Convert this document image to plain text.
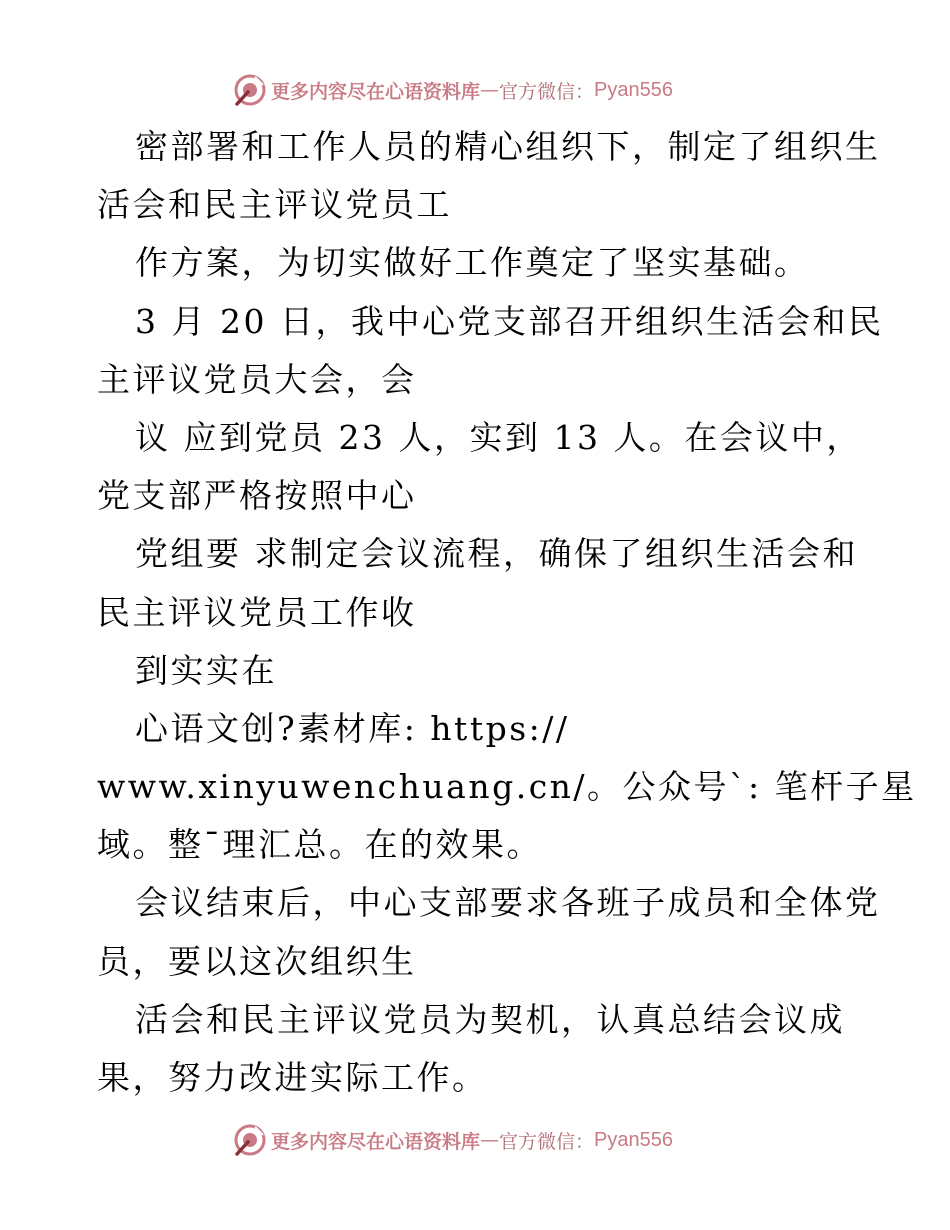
更多内容尽在心语资料库 — 官方微信： Pyan556
密部署和工作人员的精心组织下，制定了组织生
活会和民主评议党员工
作方案，为切实做好工作奠定了坚实基础。
3 月 20 日，我中心党支部召开组织生活会和民
主评议党员大会，会
议 应到党员 23 人，实到 13 人。在会议中，
党支部严格按照中心
党组要 求制定会议流程，确保了组织生活会和
民主评议党员工作收
到实实在
心语文创?素材库: https://
www.xinyuwenchuang.cn/。公众号`: 笔杆子星
域。整¯理汇总。在的效果。
会议结束后，中心支部要求各班子成员和全体党
员，要以这次组织生
活会和民主评议党员为契机，认真总结会议成
果，努力改进实际工作。
更多内容尽在心语资料库 — 官方微信： Pyan556
